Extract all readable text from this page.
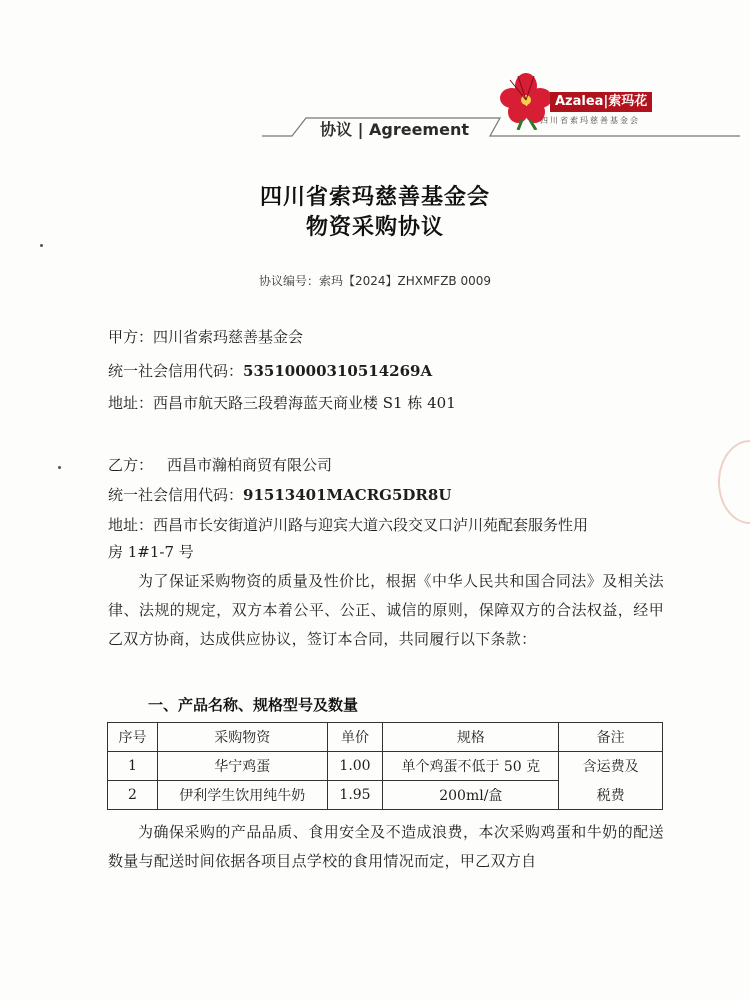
Azalea|索玛花
四川省索玛慈善基金会
协议 | Agreement
四川省索玛慈善基金会
物资采购协议
协议编号：索玛【2024】ZHXMFZB 0009
甲方：四川省索玛慈善基金会
统一社会信用代码：53510000310514269A
地址：西昌市航天路三段碧海蓝天商业楼 S1 栋 401
乙方： 西昌市瀚柏商贸有限公司
统一社会信用代码：91513401MACRG5DR8U
地址：西昌市长安街道泸川路与迎宾大道六段交叉口泸川苑配套服务性用
房 1#1-7 号
为了保证采购物资的质量及性价比，根据《中华人民共和国合同法》及相关法律、法规的规定，双方本着公平、公正、诚信的原则，保障双方的合法权益，经甲乙双方协商，达成供应协议，签订本合同，共同履行以下条款：
一、产品名称、规格型号及数量
序号	采购物资	单价	规格	备注
1	华宁鸡蛋	1.00	单个鸡蛋不低于 50 克	含运费及
2	伊利学生饮用纯牛奶	1.95	200ml/盒	税费
为确保采购的产品品质、食用安全及不造成浪费，本次采购鸡蛋和牛奶的配送数量与配送时间依据各项目点学校的食用情况而定，甲乙双方自
